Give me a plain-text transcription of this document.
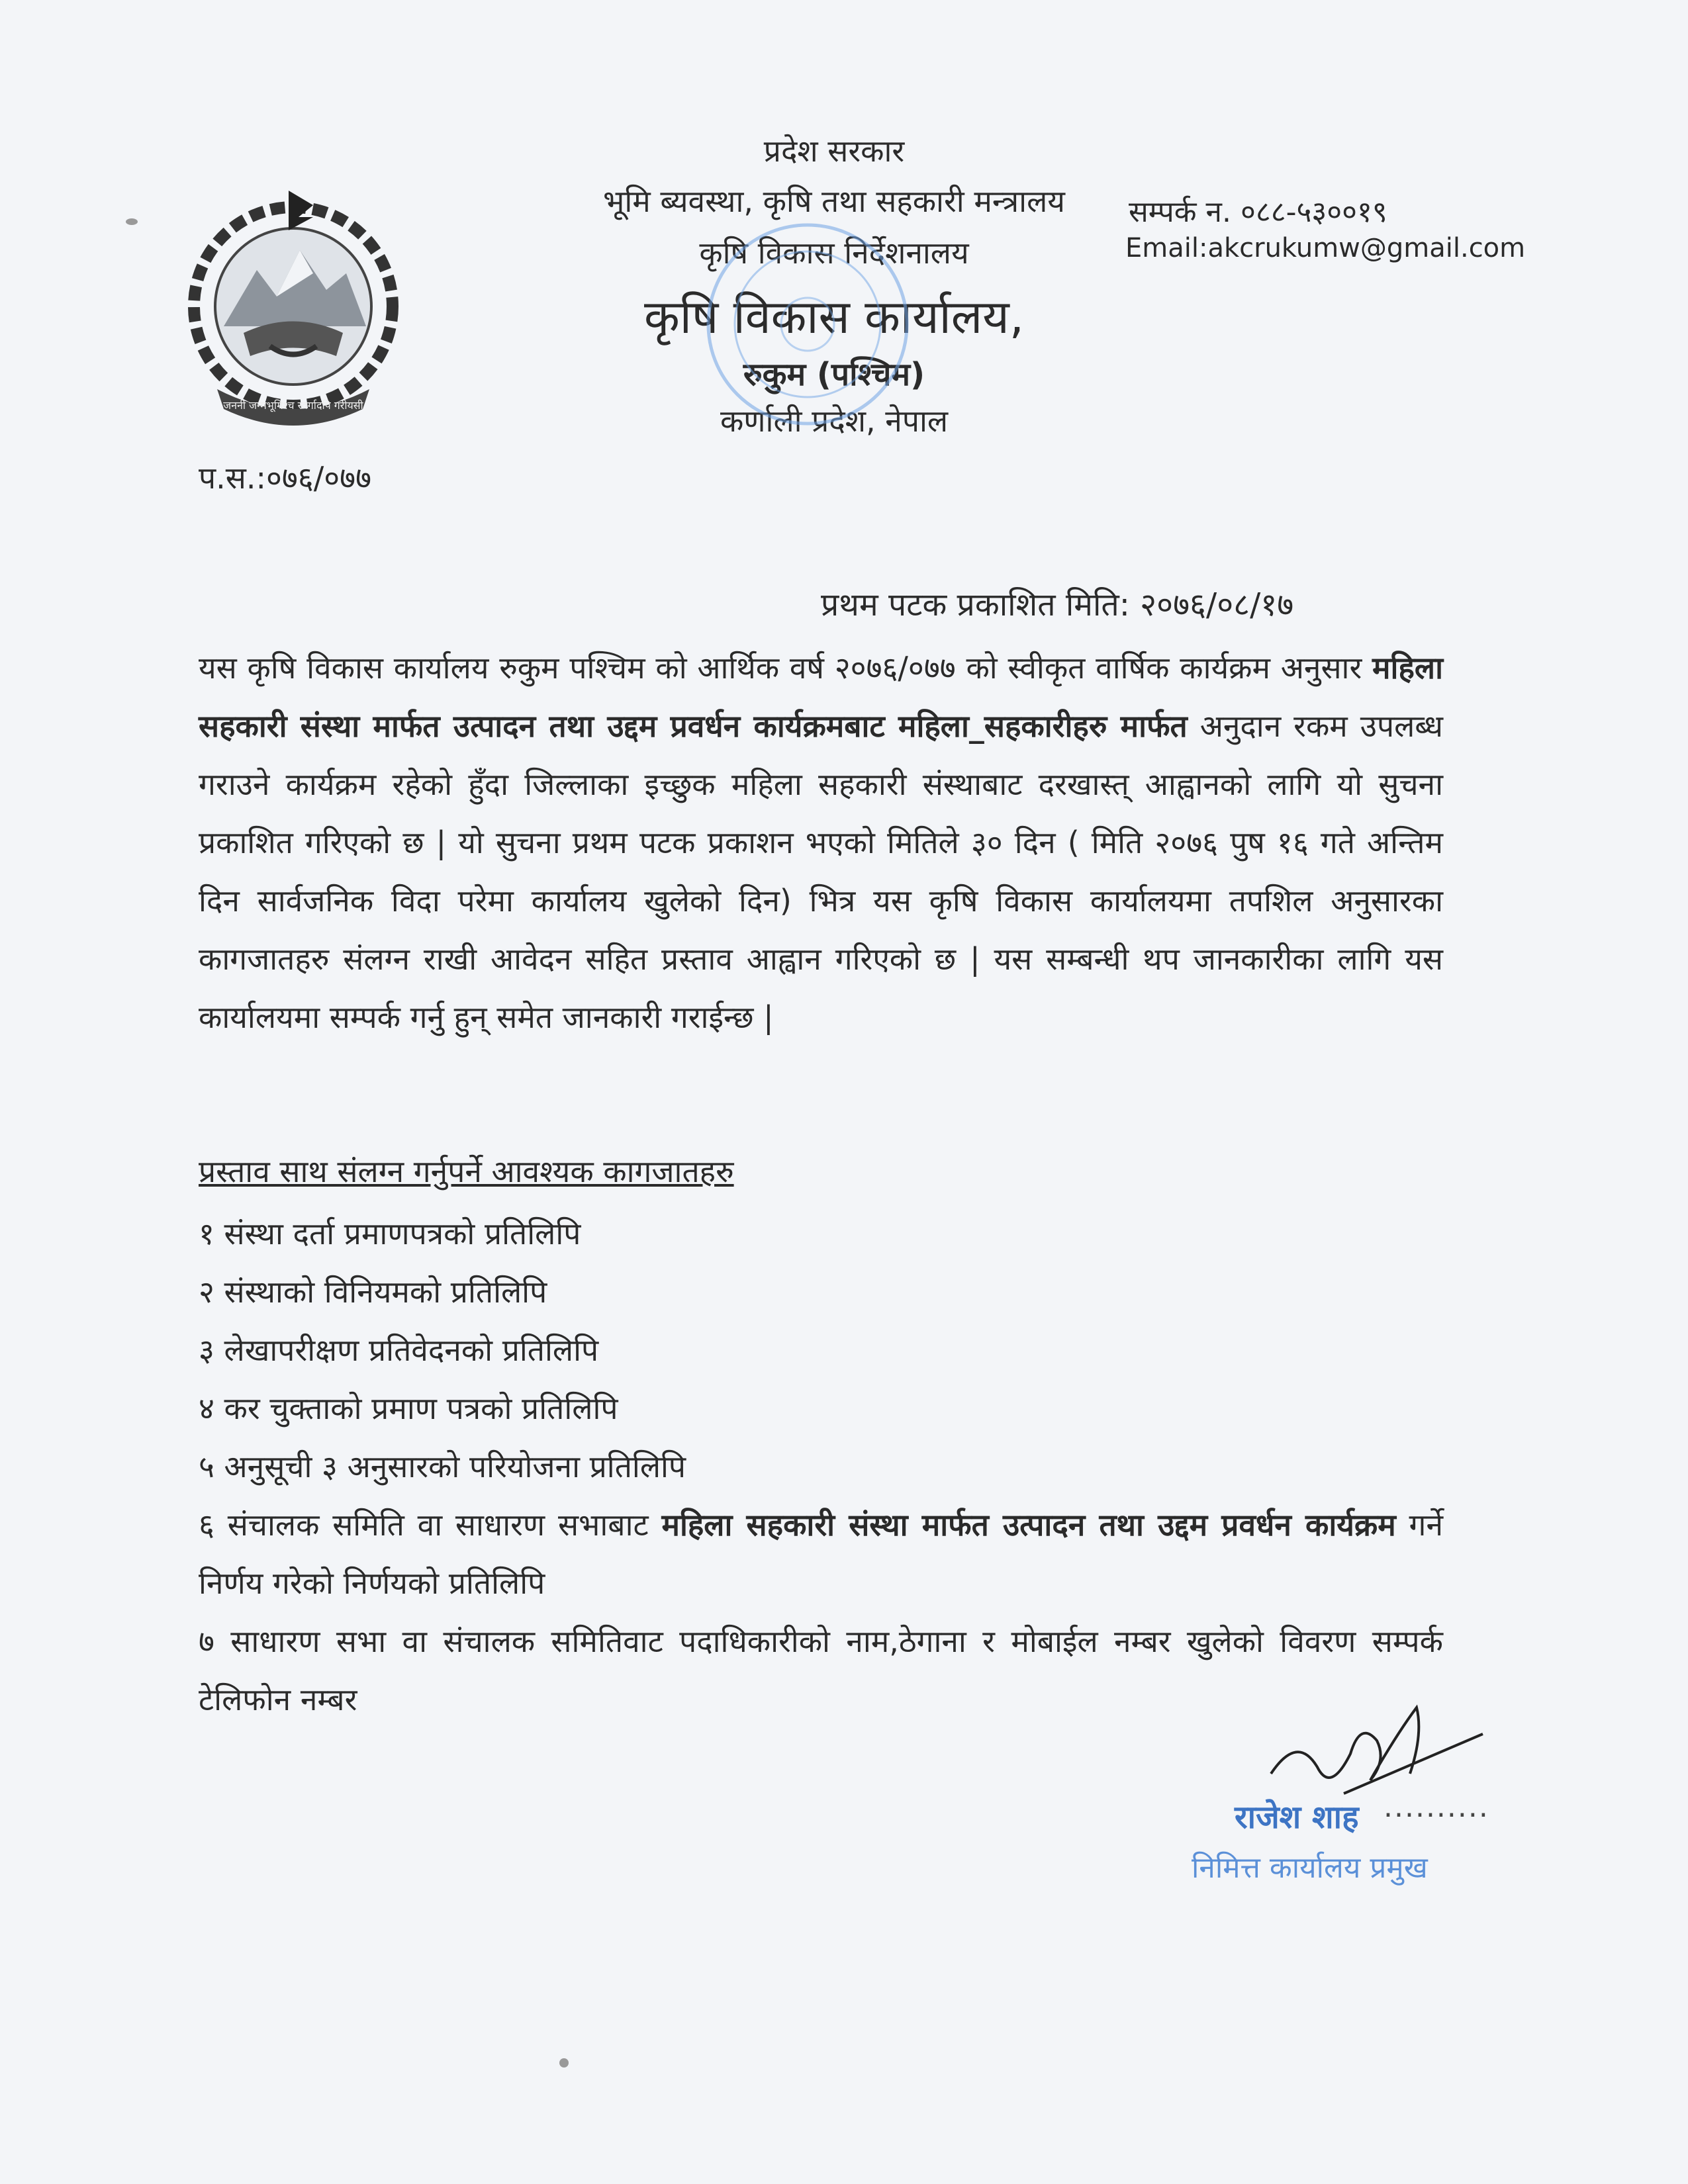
जननी जन्मभूमिश्च स्वर्गादपि गरीयसी
प्रदेश सरकार
भूमि ब्यवस्था, कृषि तथा सहकारी मन्त्रालय
कृषि विकास निर्देशनालय
कृषि विकास कार्यालय,
रुकुम (पश्चिम)
कर्णाली प्रदेश, नेपाल
सम्पर्क न. ०८८-५३००१९
Email:akcrukumw@gmail.com
प.स.:०७६/०७७
प्रथम पटक प्रकाशित मिति: २०७६/०८/१७
यस कृषि विकास कार्यालय रुकुम पश्चिम को आर्थिक वर्ष २०७६/०७७ को स्वीकृत वार्षिक कार्यक्रम अनुसार महिला सहकारी संस्था मार्फत उत्पादन तथा उद्दम प्रवर्धन कार्यक्रमबाट महिला_सहकारीहरु मार्फत अनुदान रकम उपलब्ध गराउने कार्यक्रम रहेको हुँदा जिल्लाका इच्छुक महिला सहकारी संस्थाबाट दरखास्त् आह्वानको लागि यो सुचना प्रकाशित गरिएको छ | यो सुचना प्रथम पटक प्रकाशन भएको मितिले ३० दिन ( मिति २०७६ पुष १६ गते अन्तिम दिन सार्वजनिक विदा परेमा कार्यालय खुलेको दिन) भित्र यस कृषि विकास कार्यालयमा तपशिल अनुसारका कागजातहरु संलग्न राखी आवेदन सहित प्रस्ताव आह्वान गरिएको छ | यस सम्बन्धी थप जानकारीका लागि यस कार्यालयमा सम्पर्क गर्नु हुन् समेत जानकारी गराईन्छ |
प्रस्ताव साथ संलग्न गर्नुपर्ने आवश्यक कागजातहरु
१ संस्था दर्ता प्रमाणपत्रको प्रतिलिपि
२ संस्थाको विनियमको प्रतिलिपि
३ लेखापरीक्षण प्रतिवेदनको प्रतिलिपि
४ कर चुक्ताको प्रमाण पत्रको प्रतिलिपि
५ अनुसूची ३ अनुसारको परियोजना प्रतिलिपि
६ संचालक समिति वा साधारण सभाबाट महिला सहकारी संस्था मार्फत उत्पादन तथा उद्दम प्रवर्धन कार्यक्रम गर्ने निर्णय गरेको निर्णयको प्रतिलिपि
७ साधारण सभा वा संचालक समितिवाट पदाधिकारीको नाम,ठेगाना र मोबाईल नम्बर खुलेको विवरण सम्पर्क टेलिफोन नम्बर
राजेश शाह ..........
निमित्त कार्यालय प्रमुख
